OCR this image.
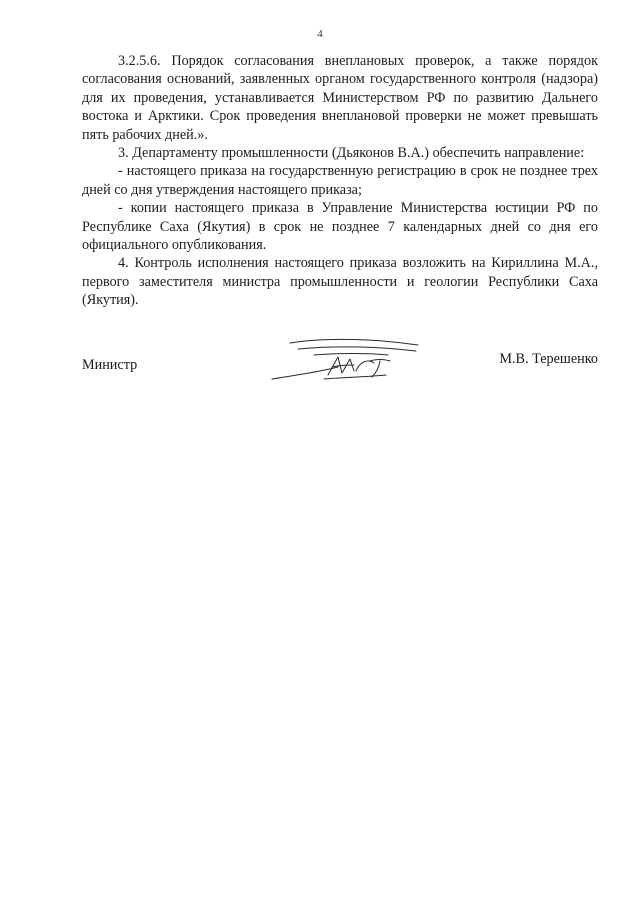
4

3.2.5.6. Порядок согласования внеплановых проверок, а также порядок согласования оснований, заявленных органом государственного контроля (надзора) для их проведения, устанавливается Министерством РФ по развитию Дальнего востока и Арктики. Срок проведения внеплановой проверки не может превышать пять рабочих дней.».

3. Департаменту промышленности (Дьяконов В.А.) обеспечить направление:

- настоящего приказа на государственную регистрацию в срок не позднее трех дней со дня утверждения настоящего приказа;

- копии настоящего приказа в Управление Министерства юстиции РФ по Республике Саха (Якутия) в срок не позднее 7 календарных дней со дня его официального опубликования.

4. Контроль исполнения настоящего приказа возложить на Кириллина М.А., первого заместителя министра промышленности и геологии Республики Саха (Якутия).

Министр	М.В. Терешенко
